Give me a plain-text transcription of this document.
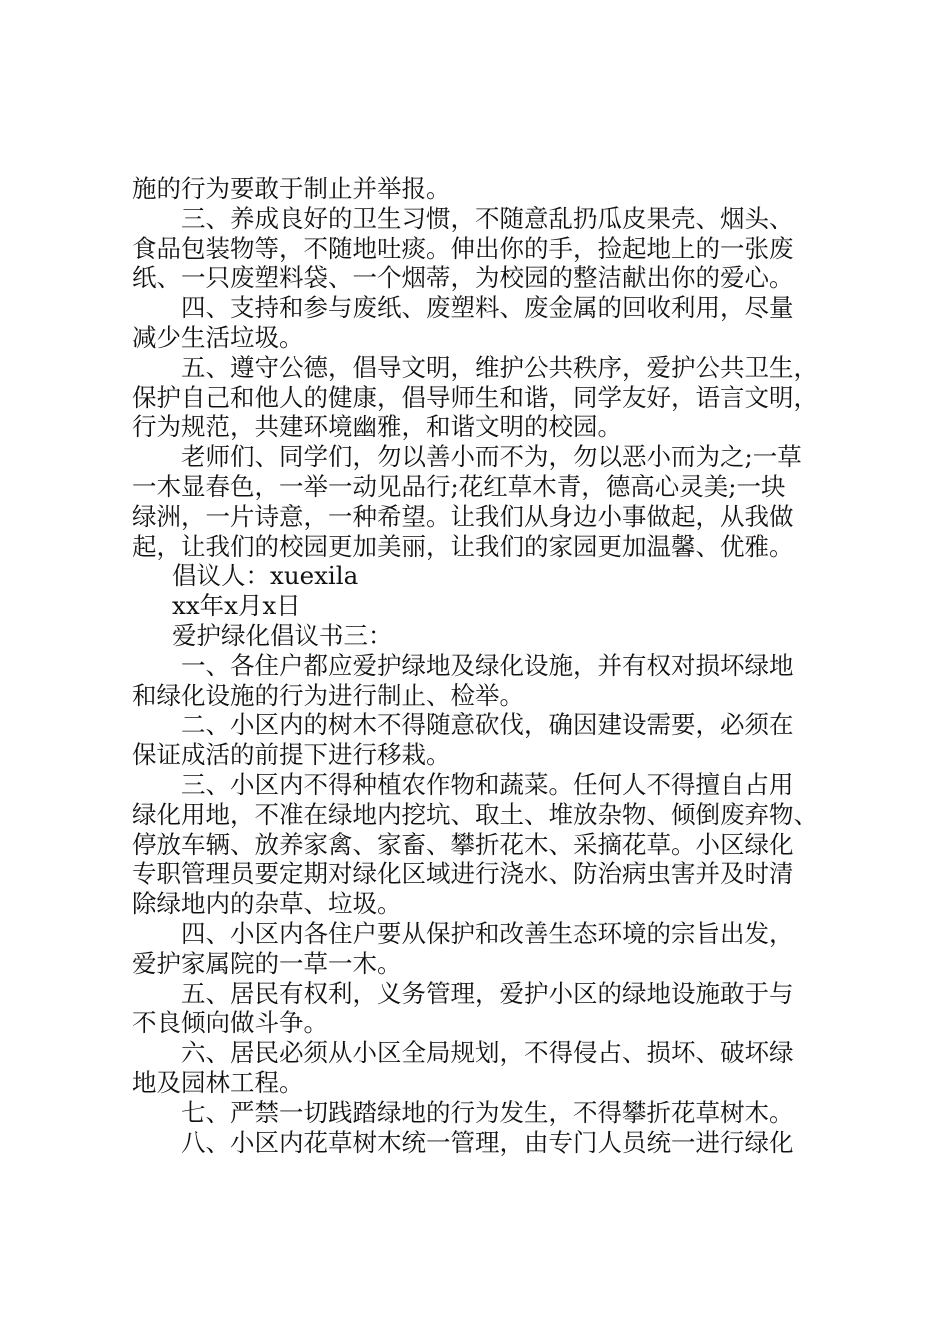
施的行为要敢于制止并举报。
三、养成良好的卫生习惯，不随意乱扔瓜皮果壳、烟头、
食品包装物等，不随地吐痰。伸出你的手，捡起地上的一张废
纸、一只废塑料袋、一个烟蒂，为校园的整洁献出你的爱心。
四、支持和参与废纸、废塑料、废金属的回收利用，尽量
减少生活垃圾。
五、遵守公德，倡导文明，维护公共秩序，爱护公共卫生，
保护自己和他人的健康，倡导师生和谐，同学友好，语言文明，
行为规范，共建环境幽雅，和谐文明的校园。
老师们、同学们，勿以善小而不为，勿以恶小而为之;一草
一木显春色，一举一动见品行;花红草木青，德高心灵美;一块
绿洲，一片诗意，一种希望。让我们从身边小事做起，从我做
起，让我们的校园更加美丽，让我们的家园更加温馨、优雅。
倡议人：xuexila
xx年x月x日
爱护绿化倡议书三：
一、各住户都应爱护绿地及绿化设施，并有权对损坏绿地
和绿化设施的行为进行制止、检举。
二、小区内的树木不得随意砍伐，确因建设需要，必须在
保证成活的前提下进行移栽。
三、小区内不得种植农作物和蔬菜。任何人不得擅自占用
绿化用地，不准在绿地内挖坑、取土、堆放杂物、倾倒废弃物、
停放车辆、放养家禽、家畜、攀折花木、采摘花草。小区绿化
专职管理员要定期对绿化区域进行浇水、防治病虫害并及时清
除绿地内的杂草、垃圾。
四、小区内各住户要从保护和改善生态环境的宗旨出发，
爱护家属院的一草一木。
五、居民有权利，义务管理，爱护小区的绿地设施敢于与
不良倾向做斗争。
六、居民必须从小区全局规划，不得侵占、损坏、破坏绿
地及园林工程。
七、严禁一切践踏绿地的行为发生，不得攀折花草树木。
八、小区内花草树木统一管理，由专门人员统一进行绿化
